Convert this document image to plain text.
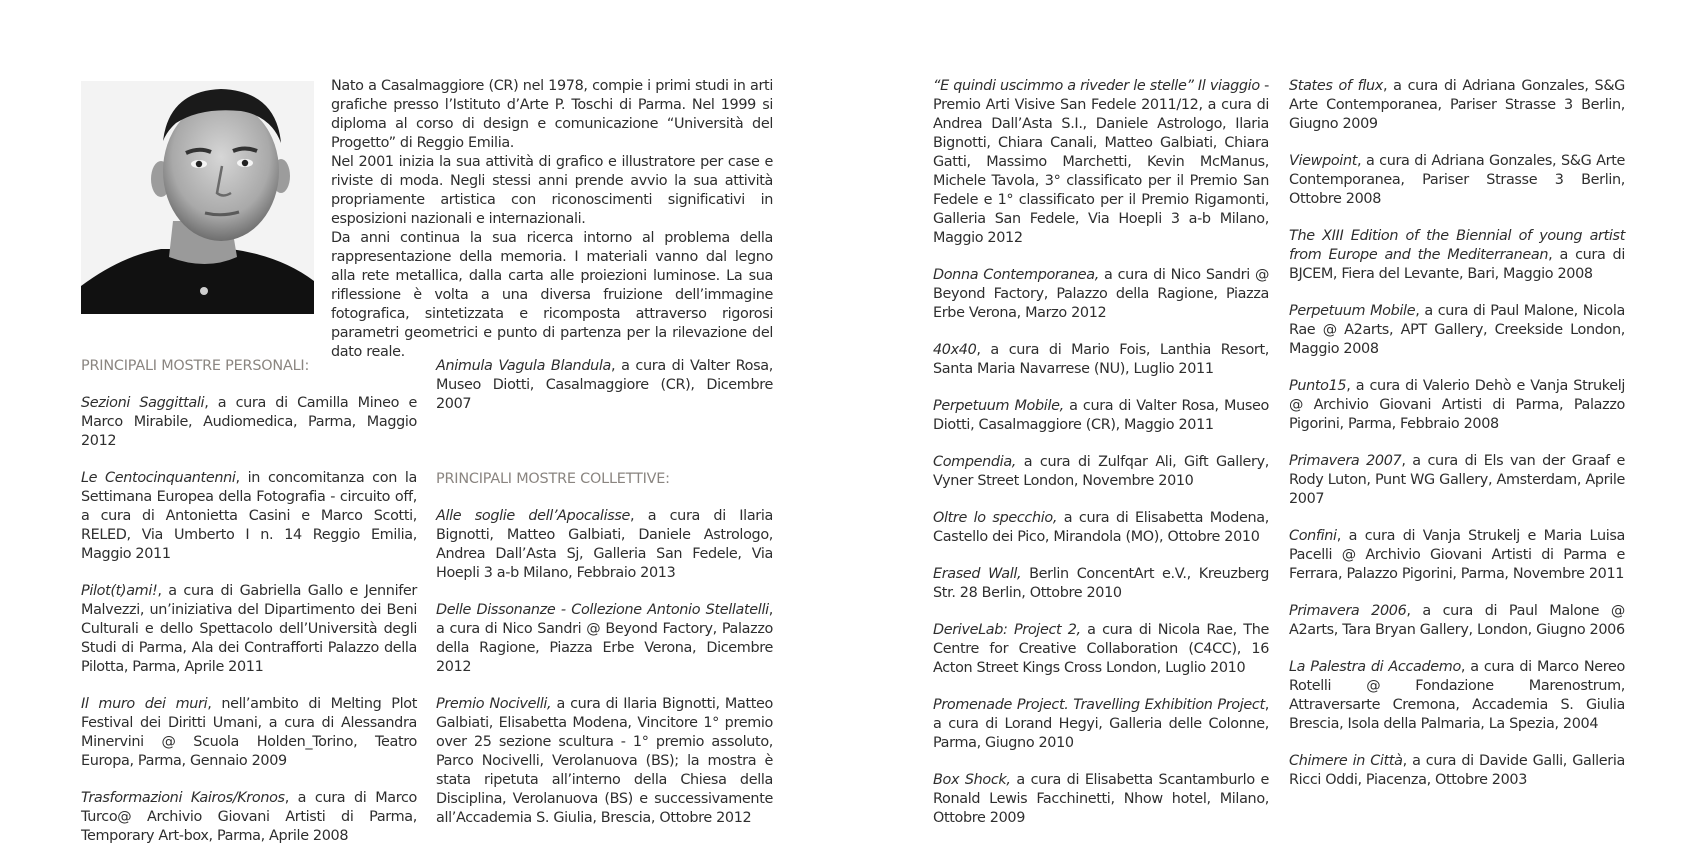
Nato a Casalmaggiore (CR) nel 1978, compie i primi studi in arti grafiche presso l’Istituto d’Arte P. Toschi di Parma. Nel 1999 si diploma al corso di design e comunicazione “Università del Progetto” di Reggio Emilia.

Nel 2001 inizia la sua attività di grafico e illustratore per case e riviste di moda. Negli stessi anni prende avvio la sua attività propriamente artistica con riconoscimenti significativi in esposizioni nazionali e internazionali.

Da anni continua la sua ricerca intorno al problema della rappresentazione della memoria. I materiali vanno dal legno alla rete metallica, dalla carta alle proiezioni luminose. La sua riflessione è volta a una diversa fruizione dell’immagine fotografica, sintetizzata e ricomposta attraverso rigorosi parametri geometrici e punto di partenza per la rilevazione del dato reale.

PRINCIPALI MOSTRE PERSONALI:
Sezioni Saggittali, a cura di Camilla Mineo e Marco Mirabile, Audiomedica, Parma, Maggio 2012
Le Centocinquantenni, in concomitanza con la Settimana Europea della Fotografia - circuito off, a cura di Antonietta Casini e Marco Scotti, RELED, Via Umberto I n. 14 Reggio Emilia, Maggio 2011
Pilot(t)ami!, a cura di Gabriella Gallo e Jennifer Malvezzi, un’iniziativa del Dipartimento dei Beni Culturali e dello Spettacolo dell’Università degli Studi di Parma, Ala dei Contrafforti Palazzo della Pilotta, Parma, Aprile 2011
Il muro dei muri, nell’ambito di Melting Plot Festival dei Diritti Umani, a cura di Alessandra Minervini @ Scuola Holden_Torino, Teatro Europa, Parma, Gennaio 2009
Trasformazioni Kairos/Kronos, a cura di Marco Turco@ Archivio Giovani Artisti di Parma, Temporary Art-box, Parma, Aprile 2008
Animula Vagula Blandula, a cura di Valter Rosa, Museo Diotti, Casalmaggiore (CR), Dicembre 2007
PRINCIPALI MOSTRE COLLETTIVE:
Alle soglie dell’Apocalisse, a cura di Ilaria Bignotti, Matteo Galbiati, Daniele Astrologo, Andrea Dall’Asta Sj, Galleria San Fedele, Via Hoepli 3 a-b Milano, Febbraio 2013
Delle Dissonanze - Collezione Antonio Stellatelli, a cura di Nico Sandri @ Beyond Factory, Palazzo della Ragione, Piazza Erbe Verona, Dicembre 2012
Premio Nocivelli, a cura di Ilaria Bignotti, Matteo Galbiati, Elisabetta Modena, Vincitore 1° premio over 25 sezione scultura - 1° premio assoluto, Parco Nocivelli, Verolanuova (BS); la mostra è stata ripetuta all’interno della Chiesa della Disciplina, Verolanuova (BS) e successivamente all’Accademia S. Giulia, Brescia, Ottobre 2012
“E quindi uscimmo a riveder le stelle” Il viaggio - Premio Arti Visive San Fedele 2011/12, a cura di Andrea Dall’Asta S.I., Daniele Astrologo, Ilaria Bignotti, Chiara Canali, Matteo Galbiati, Chiara Gatti, Massimo Marchetti, Kevin McManus, Michele Tavola, 3° classificato per il Premio San Fedele e 1° classificato per il Premio Rigamonti, Galleria San Fedele, Via Hoepli 3 a-b Milano, Maggio 2012
Donna Contemporanea, a cura di Nico Sandri @ Beyond Factory, Palazzo della Ragione, Piazza Erbe Verona, Marzo 2012
40x40, a cura di Mario Fois, Lanthia Resort, Santa Maria Navarrese (NU), Luglio 2011
Perpetuum Mobile, a cura di Valter Rosa, Museo Diotti, Casalmaggiore (CR), Maggio 2011
Compendia, a cura di Zulfqar Ali, Gift Gallery, Vyner Street London, Novembre 2010
Oltre lo specchio, a cura di Elisabetta Modena, Castello dei Pico, Mirandola (MO), Ottobre 2010
Erased Wall, Berlin ConcentArt e.V., Kreuzberg Str. 28 Berlin, Ottobre 2010
DeriveLab: Project 2, a cura di Nicola Rae, The Centre for Creative Collaboration (C4CC), 16 Acton Street Kings Cross London, Luglio 2010
Promenade Project. Travelling Exhibition Project, a cura di Lorand Hegyi, Galleria delle Colonne, Parma, Giugno 2010
Box Shock, a cura di Elisabetta Scantamburlo e Ronald Lewis Facchinetti, Nhow hotel, Milano, Ottobre 2009
States of flux, a cura di Adriana Gonzales, S&G Arte Contemporanea, Pariser Strasse 3 Berlin, Giugno 2009
Viewpoint, a cura di Adriana Gonzales, S&G Arte Contemporanea, Pariser Strasse 3 Berlin, Ottobre 2008
The XIII Edition of the Biennial of young artist from Europe and the Mediterranean, a cura di BJCEM, Fiera del Levante, Bari, Maggio 2008
Perpetuum Mobile, a cura di Paul Malone, Nicola Rae @ A2arts, APT Gallery, Creekside London, Maggio 2008
Punto15, a cura di Valerio Dehò e Vanja Strukelj @ Archivio Giovani Artisti di Parma, Palazzo Pigorini, Parma, Febbraio 2008
Primavera 2007, a cura di Els van der Graaf e Rody Luton, Punt WG Gallery, Amsterdam, Aprile 2007
Confini, a cura di Vanja Strukelj e Maria Luisa Pacelli @ Archivio Giovani Artisti di Parma e Ferrara, Palazzo Pigorini, Parma, Novembre 2011
Primavera 2006, a cura di Paul Malone @ A2arts, Tara Bryan Gallery, London, Giugno 2006
La Palestra di Accademo, a cura di Marco Nereo Rotelli @ Fondazione Marenostrum, Attraversarte Cremona, Accademia S. Giulia Brescia, Isola della Palmaria, La Spezia, 2004
Chimere in Città, a cura di Davide Galli, Galleria Ricci Oddi, Piacenza, Ottobre 2003
